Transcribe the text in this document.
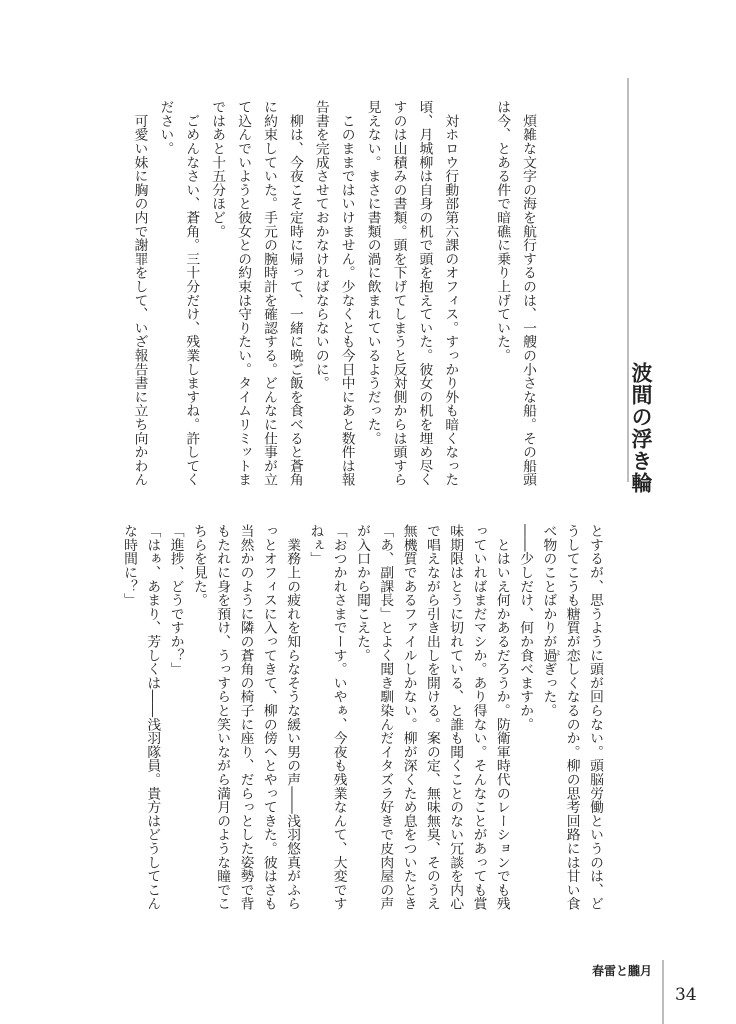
波間の浮き輪
　煩雑な文字の海を航行するのは、一艘の小さな船。その船頭
は今、とある件で暗礁に乗り上げていた。
　対ホロウ行動部第六課のオフィス。すっかり外も暗くなった
頃、月城柳は自身の机で頭を抱えていた。彼女の机を埋め尽く
すのは山積みの書類。頭を下げてしまうと反対側からは頭すら
見えない。まさに書類の渦に飲まれているようだった。
　このままではいけません。少なくとも今日中にあと数件は報
告書を完成させておかなければならないのに。
　柳は、今夜こそ定時に帰って、一緒に晩ご飯を食べると蒼角
に約束していた。手元の腕時計を確認する。どんなに仕事が立
て込んでいようと彼女との約束は守りたい。タイムリミットま
ではあと十五分ほど。
　ごめんなさい、蒼角。三十分だけ、残業しますね。許してく
ださい。
　可愛い妹に胸の内で謝罪をして、いざ報告書に立ち向かわん
とするが、思うように頭が回らない。頭脳労働というのは、ど
うしてこうも糖質が恋しくなるのか。柳の思考回路には甘い食
べ物のことばかりが過ぎった。
――少しだけ、何か食べますか。
　とはいえ何かあるだろうか。防衛軍時代のレーションでも残
っていればまだマシか。あり得ない。そんなことがあっても賞
味期限はとうに切れている、と誰も聞くことのない冗談を内心
で唱えながら引き出しを開ける。案の定、無味無臭、そのうえ
無機質であるファイルしかない。柳が深くため息をついたとき
「あ、副課長」とよく聞き馴染んだイタズラ好きで皮肉屋の声
が入口から聞こえた。
「おつかれさまでーす。いやぁ、今夜も残業なんて、大変です
ねぇ」
　業務上の疲れを知らなそうな緩い男の声――浅羽悠真がふら
っとオフィスに入ってきて、柳の傍へとやってきた。彼はさも
当然かのように隣の蒼角の椅子に座り、だらっとした姿勢で背
もたれに身を預け、うっすらと笑いながら満月のような瞳でこ
ちらを見た。
「進捗、どうですか？」
「はぁ、あまり、芳しくは――浅羽隊員。貴方はどうしてこん
な時間に？」
よ
春雷と朧月
34
